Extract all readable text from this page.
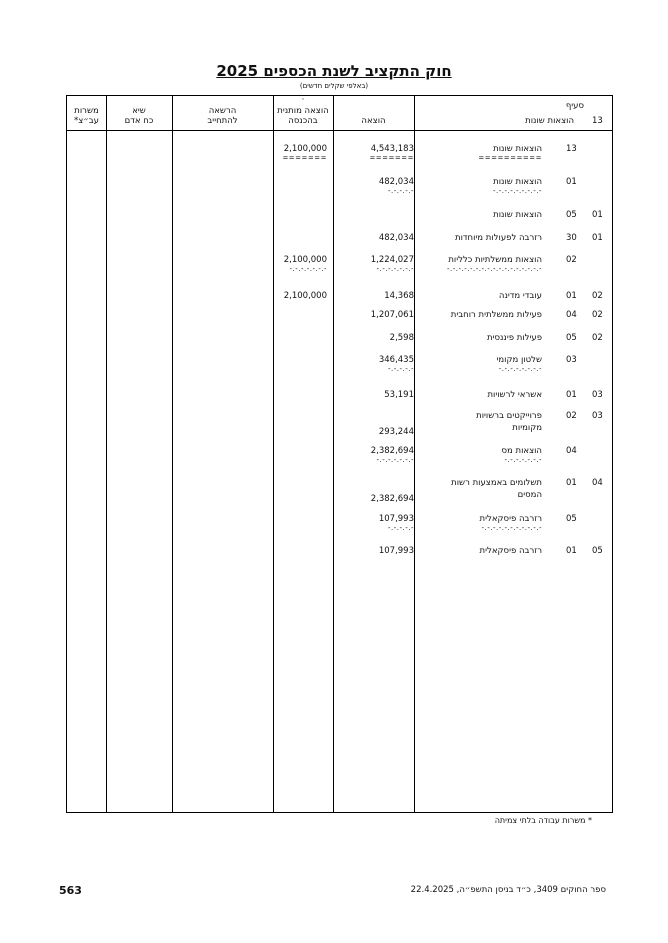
חוק התקציב לשנת הכספים 2025
(באלפי שקלים חדשים)
משרות
עב״צ*
שיא
כח אדם
הרשאה
להתחייב
·
הוצאה מותנית
בהכנסה	הוצאה
סעיף
הוצאות שונות 13
13
הוצאות שונות
==========
4,543,183
=======
2,100,000
=======
01
הוצאות שונות
-.-.-.-.-.-.-.-.-
482,034
-.-.-.-.-
01
05
הוצאות שונות
01
30
רזרבה לפעולות מיוחדות
482,034
02
הוצאות ממשלתיות כלליות
-.-.-.-.-.-.-.-.-.-.-.-.-.-.-.-.-
1,224,027
-.-.-.-.-.-.-
2,100,000
-.-.-.-.-.-.-
02
01
עובדי מדינה
14,368
2,100,000
02
04
פעילות ממשלתית רוחבית
1,207,061
02
05
פעילות פיננסית
2,598
03
שלטון מקומי
-.-.-.-.-.-.-.-
346,435
-.-.-.-.-
03
01
אשראי לרשויות
53,191
03
02
פרוייקטים ברשויות
מקומיות
293,244
04
הוצאות מס
-.-.-.-.-.-.-
2,382,694
-.-.-.-.-.-.-
04
01
תשלומים באמצעות רשות
המסים
2,382,694
05
רזרבה פיסקאלית
-.-.-.-.-.-.-.-.-.-.-
107,993
-.-.-.-.-
05
01
רזרבה פיסקאלית
107,993
* משרות עבודה בלתי צמיתה
ספר החוקים 3409, כ״ד בניסן התשפ״ה, 22.4.2025
563
